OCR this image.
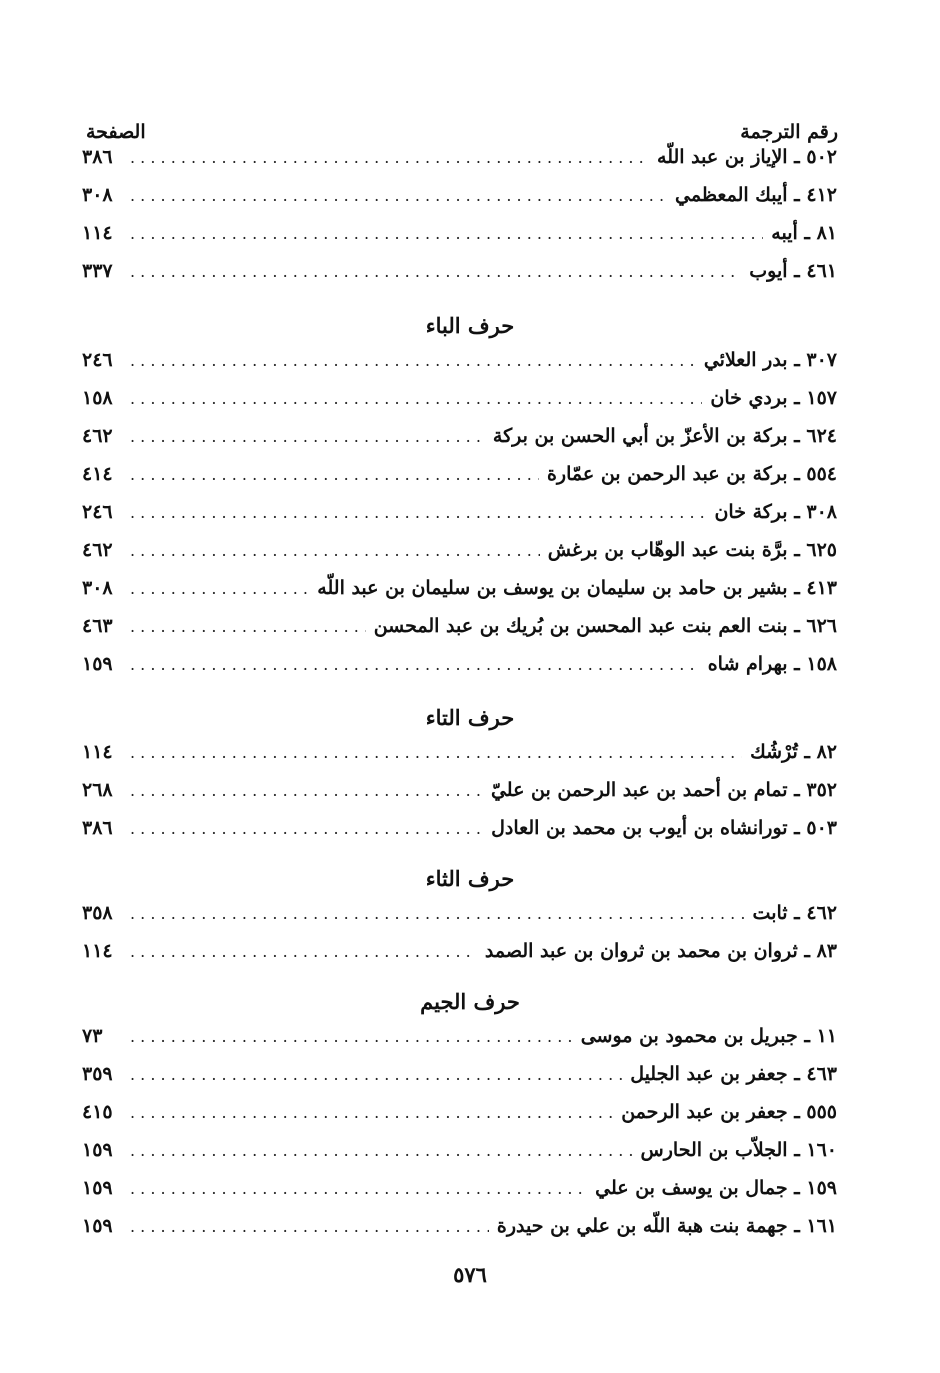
رقم الترجمة
الصفحة
٥٠٢ ـ الإياز بن عبد اللّه
. . .
٣٨٦
٤١٢ ـ أيبك المعظمي
. . .
٣٠٨
٨١ ـ أيبه
. . .
١١٤
٤٦١ ـ أيوب
. . .
٣٣٧
حرف الباء
٣٠٧ ـ بدر العلائي
. . .
٢٤٦
١٥٧ ـ بردي خان
. . .
١٥٨
٦٢٤ ـ بركة بن الأعزّ بن أبي الحسن بن بركة
. . .
٤٦٢
٥٥٤ ـ بركة بن عبد الرحمن بن عمّارة
. . .
٤١٤
٣٠٨ ـ بركة خان
. . .
٢٤٦
٦٢٥ ـ برَّة بنت عبد الوهّاب بن برغش
. . .
٤٦٢
٤١٣ ـ بشير بن حامد بن سليمان بن يوسف بن سليمان بن عبد اللّه
. . .
٣٠٨
٦٢٦ ـ بنت العم بنت عبد المحسن بن بُريك بن عبد المحسن
. . .
٤٦٣
١٥٨ ـ بهرام شاه
. . .
١٥٩
حرف التاء
٨٢ ـ تُرْشُك
. . .
١١٤
٣٥٢ ـ تمام بن أحمد بن عبد الرحمن بن عليّ
. . .
٢٦٨
٥٠٣ ـ تورانشاه بن أيوب بن محمد بن العادل
. . .
٣٨٦
حرف الثاء
٤٦٢ ـ ثابت
. . .
٣٥٨
٨٣ ـ ثروان بن محمد بن ثروان بن عبد الصمد
. . .
١١٤
حرف الجيم
١١ ـ جبريل بن محمود بن موسى
. . .
٧٣
٤٦٣ ـ جعفر بن عبد الجليل
. . .
٣٥٩
٥٥٥ ـ جعفر بن عبد الرحمن
. . .
٤١٥
١٦٠ ـ الجلاّب بن الحارس
. . .
١٥٩
١٥٩ ـ جمال بن يوسف بن علي
. . .
١٥٩
١٦١ ـ جهمة بنت هبة اللّه بن علي بن حيدرة
. . .
١٥٩
٥٧٦
